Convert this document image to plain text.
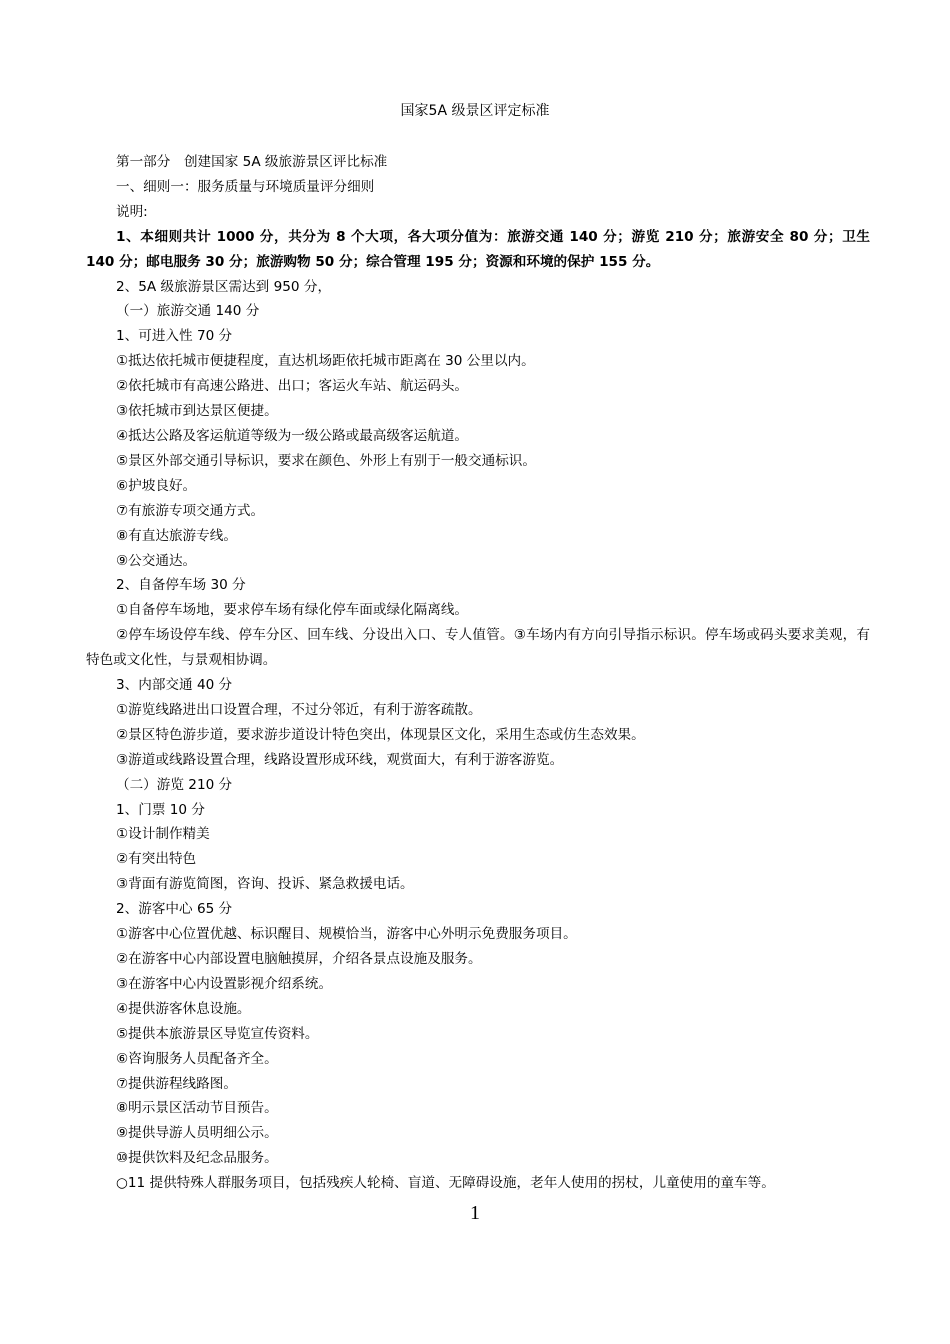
国家5A 级景区评定标准

第一部分　创建国家 5A 级旅游景区评比标准

一、细则一：服务质量与环境质量评分细则

说明:

1、本细则共计 1000 分，共分为 8 个大项，各大项分值为：旅游交通 140 分；游览 210 分；旅游安全 80 分；卫生 140 分；邮电服务 30 分；旅游购物 50 分；综合管理 195 分；资源和环境的保护 155 分。

2、5A 级旅游景区需达到 950 分，

（一）旅游交通 140 分

1、可进入性 70 分

①抵达依托城市便捷程度，直达机场距依托城市距离在 30 公里以内。

②依托城市有高速公路进、出口；客运火车站、航运码头。

③依托城市到达景区便捷。

④抵达公路及客运航道等级为一级公路或最高级客运航道。

⑤景区外部交通引导标识，要求在颜色、外形上有别于一般交通标识。

⑥护坡良好。

⑦有旅游专项交通方式。

⑧有直达旅游专线。

⑨公交通达。

2、自备停车场 30 分

①自备停车场地，要求停车场有绿化停车面或绿化隔离线。

②停车场设停车线、停车分区、回车线、分设出入口、专人值管。③车场内有方向引导指示标识。停车场或码头要求美观，有特色或文化性，与景观相协调。

3、内部交通 40 分

①游览线路进出口设置合理，不过分邻近，有利于游客疏散。

②景区特色游步道，要求游步道设计特色突出，体现景区文化，采用生态或仿生态效果。

③游道或线路设置合理，线路设置形成环线，观赏面大，有利于游客游览。

（二）游览 210 分

1、门票 10 分

①设计制作精美

②有突出特色

③背面有游览简图，咨询、投诉、紧急救援电话。

2、游客中心 65 分

①游客中心位置优越、标识醒目、规模恰当，游客中心外明示免费服务项目。

②在游客中心内部设置电脑触摸屏，介绍各景点设施及服务。

③在游客中心内设置影视介绍系统。

④提供游客休息设施。

⑤提供本旅游景区导览宣传资料。

⑥咨询服务人员配备齐全。

⑦提供游程线路图。

⑧明示景区活动节目预告。

⑨提供导游人员明细公示。

⑩提供饮料及纪念品服务。

○11 提供特殊人群服务项目，包括残疾人轮椅、盲道、无障碍设施，老年人使用的拐杖，儿童使用的童车等。

1
